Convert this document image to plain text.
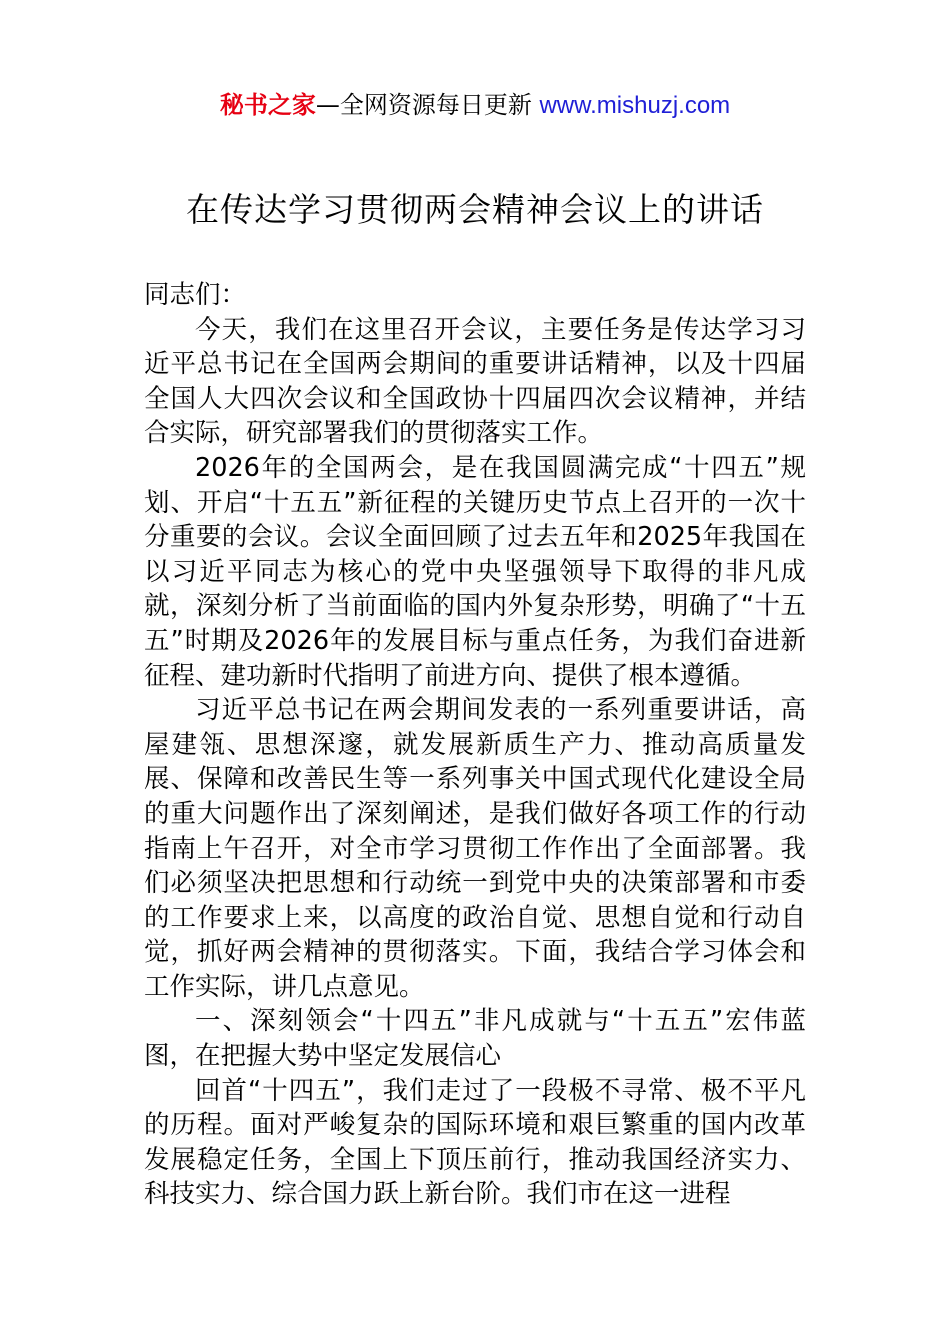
秘书之家—全网资源每日更新 www.mishuzj.com
在传达学习贯彻两会精神会议上的讲话

同志们：

今天，我们在这里召开会议，主要任务是传达学习习近平总书记在全国两会期间的重要讲话精神，以及十四届全国人大四次会议和全国政协十四届四次会议精神，并结合实际，研究部署我们的贯彻落实工作。

2026年的全国两会，是在我国圆满完成“十四五”规划、开启“十五五”新征程的关键历史节点上召开的一次十分重要的会议。会议全面回顾了过去五年和2025年我国在以习近平同志为核心的党中央坚强领导下取得的非凡成就，深刻分析了当前面临的国内外复杂形势，明确了“十五五”时期及2026年的发展目标与重点任务，为我们奋进新征程、建功新时代指明了前进方向、提供了根本遵循。

习近平总书记在两会期间发表的一系列重要讲话，高屋建瓴、思想深邃，就发展新质生产力、推动高质量发展、保障和改善民生等一系列事关中国式现代化建设全局的重大问题作出了深刻阐述，是我们做好各项工作的行动指南上午召开，对全市学习贯彻工作作出了全面部署。我们必须坚决把思想和行动统一到党中央的决策部署和市委的工作要求上来，以高度的政治自觉、思想自觉和行动自觉，抓好两会精神的贯彻落实。下面，我结合学习体会和工作实际，讲几点意见。

一、深刻领会“十四五”非凡成就与“十五五”宏伟蓝图，在把握大势中坚定发展信心

回首“十四五”，我们走过了一段极不寻常、极不平凡的历程。面对严峻复杂的国际环境和艰巨繁重的国内改革发展稳定任务，全国上下顶压前行，推动我国经济实力、科技实力、综合国力跃上新台阶。我们市在这一进程
